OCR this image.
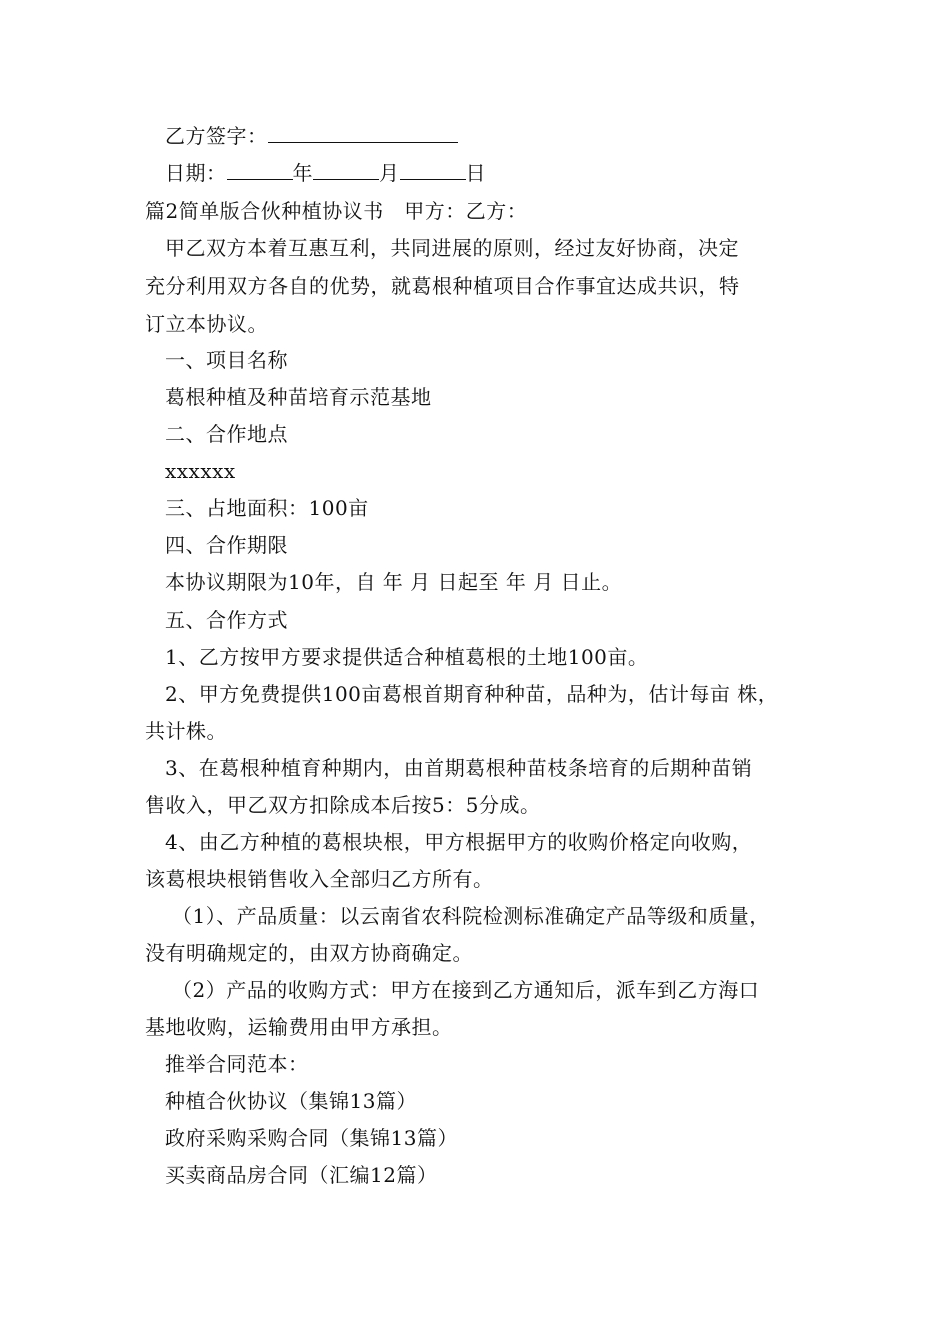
乙方签字：
日期：	年	月	日
篇2简单版合伙种植协议书　甲方：乙方：
甲乙双方本着互惠互利，共同进展的原则，经过友好协商，决定
充分利用双方各自的优势，就葛根种植项目合作事宜达成共识，特
订立本协议。
一、项目名称
葛根种植及种苗培育示范基地
二、合作地点
xxxxxx
三、占地面积：100亩
四、合作期限
本协议期限为10年，自 年 月 日起至 年 月 日止。
五、合作方式
1、乙方按甲方要求提供适合种植葛根的土地100亩。
2、甲方免费提供100亩葛根首期育种种苗，品种为，估计每亩 株，
共计株。
3、在葛根种植育种期内，由首期葛根种苗枝条培育的后期种苗销
售收入，甲乙双方扣除成本后按5：5分成。
4、由乙方种植的葛根块根，甲方根据甲方的收购价格定向收购，
该葛根块根销售收入全部归乙方所有。
（1）、产品质量：以云南省农科院检测标准确定产品等级和质量，
没有明确规定的，由双方协商确定。
（2）产品的收购方式：甲方在接到乙方通知后，派车到乙方海口
基地收购，运输费用由甲方承担。
推举合同范本：
种植合伙协议（集锦13篇）
政府采购采购合同（集锦13篇）
买卖商品房合同（汇编12篇）
